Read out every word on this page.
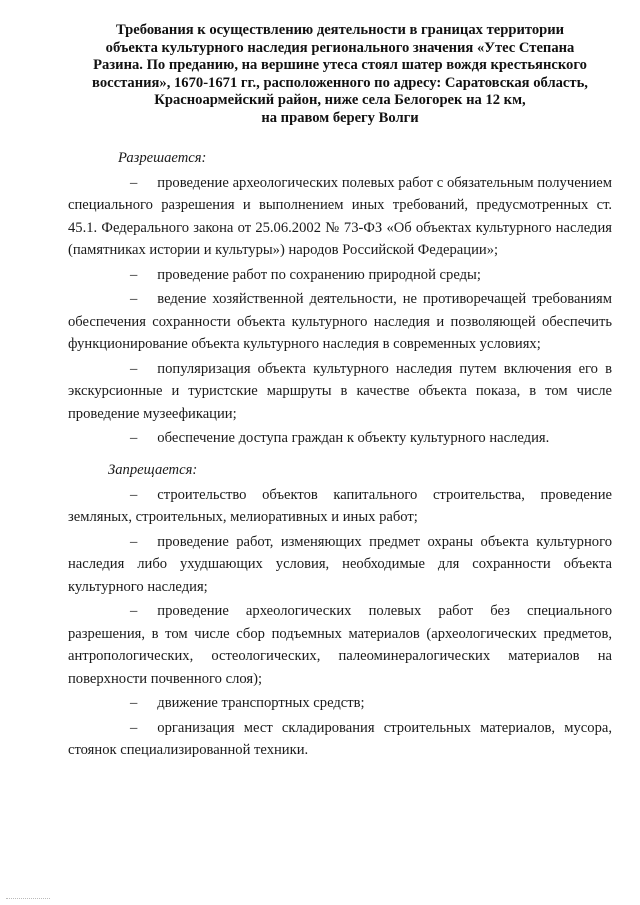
Требования к осуществлению деятельности в границах территории
объекта культурного наследия регионального значения «Утес Степана
Разина. По преданию, на вершине утеса стоял шатер вождя крестьянского
восстания», 1670-1671 гг., расположенного по адресу: Саратовская область,
Красноармейский район, ниже села Белогорек на 12 км,
на правом берегу Волги
Разрешается:

– проведение археологических полевых работ с обязательным получением специального разрешения и выполнением иных требований, предусмотренных ст. 45.1. Федерального закона от 25.06.2002 № 73-ФЗ «Об объектах культурного наследия (памятниках истории и культуры») народов Российской Федерации»;

– проведение работ по сохранению природной среды;

– ведение хозяйственной деятельности, не противоречащей требованиям обеспечения сохранности объекта культурного наследия и позволяющей обеспечить функционирование объекта культурного наследия в современных условиях;

– популяризация объекта культурного наследия путем включения его в экскурсионные и туристские маршруты в качестве объекта показа, в том числе проведение музеефикации;

– обеспечение доступа граждан к объекту культурного наследия.

Запрещается:

– строительство объектов капитального строительства, проведение земляных, строительных, мелиоративных и иных работ;

– проведение работ, изменяющих предмет охраны объекта культурного наследия либо ухудшающих условия, необходимые для сохранности объекта культурного наследия;

– проведение археологических полевых работ без специального разрешения, в том числе сбор подъемных материалов (археологических предметов, антропологических, остеологических, палеоминералогических материалов на поверхности почвенного слоя);

– движение транспортных средств;

– организация мест складирования строительных материалов, мусора, стоянок специализированной техники.
